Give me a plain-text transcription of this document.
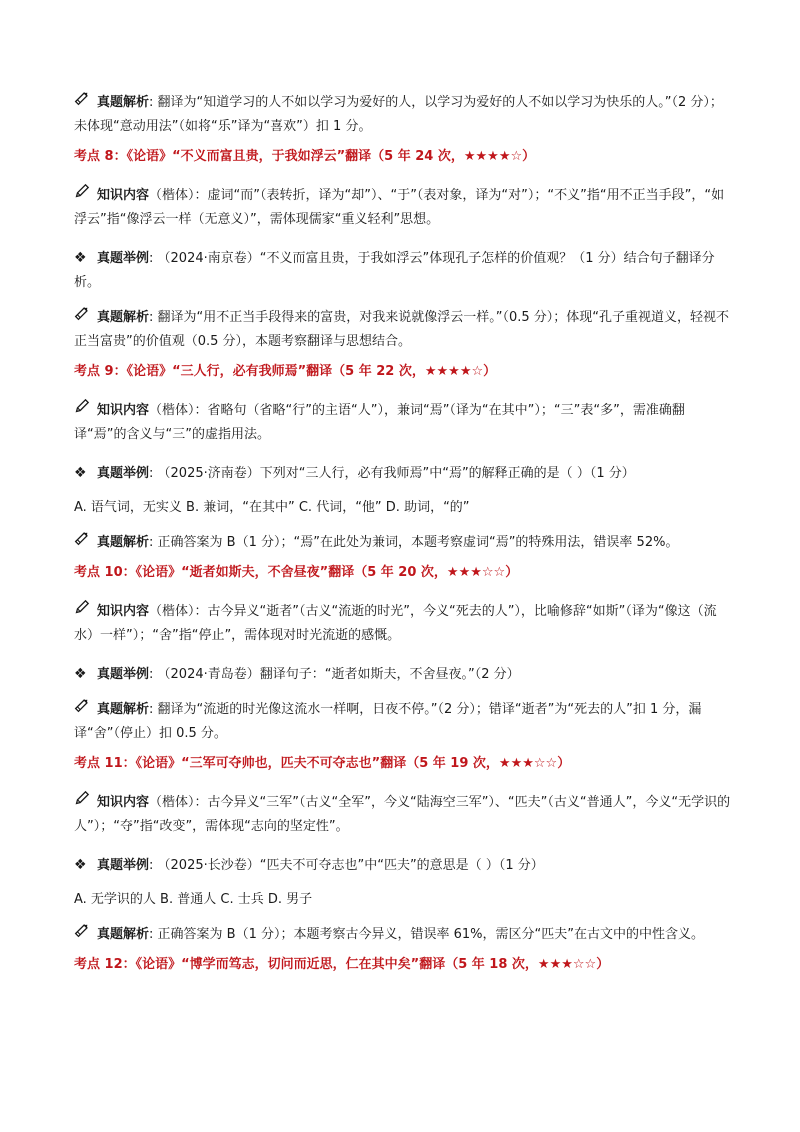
真题解析: 翻译为“知道学习的人不如以学习为爱好的人，以学习为爱好的人不如以学习为快乐的人。”（2 分）；未体现“意动用法”（如将“乐”译为“喜欢”）扣 1 分。

考点 8：《论语》“不义而富且贵，于我如浮云”翻译（5 年 24 次，★★★★☆）

知识内容（楷体）：虚词“而”（表转折，译为“却”）、“于”（表对象，译为“对”）；“不义”指“用不正当手段”，“如浮云”指“像浮云一样（无意义）”，需体现儒家“重义轻利”思想。

❖ 真题举例: （2024·南京卷）“不义而富且贵，于我如浮云”体现孔子怎样的价值观？（1 分）结合句子翻译分析。

真题解析: 翻译为“用不正当手段得来的富贵，对我来说就像浮云一样。”（0.5 分）；体现“孔子重视道义，轻视不正当富贵”的价值观（0.5 分），本题考察翻译与思想结合。

考点 9：《论语》“三人行，必有我师焉”翻译（5 年 22 次，★★★★☆）

知识内容（楷体）：省略句（省略“行”的主语“人”），兼词“焉”（译为“在其中”）；“三”表“多”，需准确翻译“焉”的含义与“三”的虚指用法。

❖ 真题举例: （2025·济南卷）下列对“三人行，必有我师焉”中“焉”的解释正确的是（ ）（1 分）

A. 语气词，无实义 B. 兼词，“在其中” C. 代词，“他” D. 助词，“的”

真题解析: 正确答案为 B（1 分）；“焉”在此处为兼词，本题考察虚词“焉”的特殊用法，错误率 52%。

考点 10：《论语》“逝者如斯夫，不舍昼夜”翻译（5 年 20 次，★★★☆☆）

知识内容（楷体）：古今异义“逝者”（古义“流逝的时光”，今义“死去的人”），比喻修辞“如斯”（译为“像这（流水）一样”）；“舍”指“停止”，需体现对时光流逝的感慨。

❖ 真题举例: （2024·青岛卷）翻译句子：“逝者如斯夫，不舍昼夜。”（2 分）

真题解析: 翻译为“流逝的时光像这流水一样啊，日夜不停。”（2 分）；错译“逝者”为“死去的人”扣 1 分，漏译“舍”（停止）扣 0.5 分。

考点 11：《论语》“三军可夺帅也，匹夫不可夺志也”翻译（5 年 19 次，★★★☆☆）

知识内容（楷体）：古今异义“三军”（古义“全军”，今义“陆海空三军”）、“匹夫”（古义“普通人”，今义“无学识的人”）；“夺”指“改变”，需体现“志向的坚定性”。

❖ 真题举例: （2025·长沙卷）“匹夫不可夺志也”中“匹夫”的意思是（ ）（1 分）

A. 无学识的人 B. 普通人 C. 士兵 D. 男子

真题解析: 正确答案为 B（1 分）；本题考察古今异义，错误率 61%，需区分“匹夫”在古文中的中性含义。

考点 12：《论语》“博学而笃志，切问而近思，仁在其中矣”翻译（5 年 18 次，★★★☆☆）
